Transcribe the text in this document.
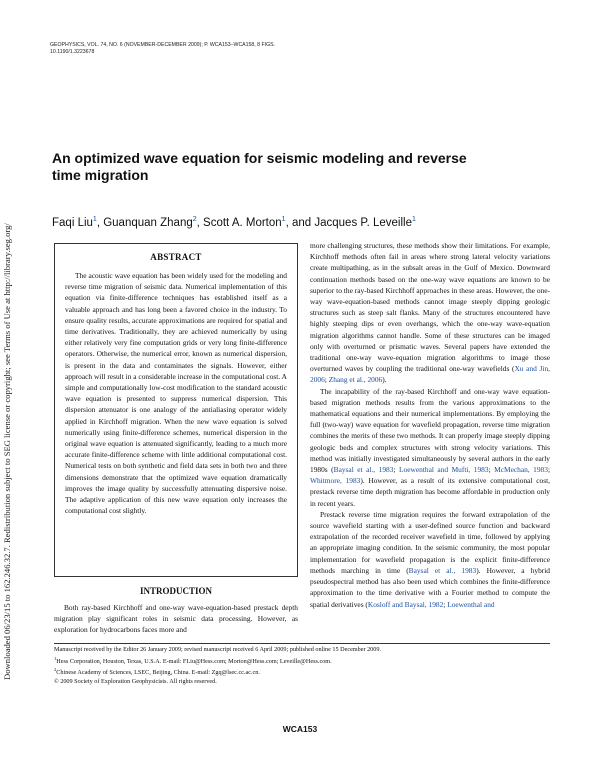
Downloaded 06/23/15 to 162.246.32.7. Redistribution subject to SEG license or copyright; see Terms of Use at http://library.seg.org/
GEOPHYSICS, VOL. 74, NO. 6 (NOVEMBER-DECEMBER 2009); P. WCA153–WCA158, 8 FIGS.
10.1190/1.3223678
An optimized wave equation for seismic modeling and reverse time migration
Faqi Liu$^1$, Guanquan Zhang$^2$, Scott A. Morton$^1$, and Jacques P. Leveille$^1$
ABSTRACT
The acoustic wave equation has been widely used for the modeling and reverse time migration of seismic data. Numerical implementation of this equation via finite-difference techniques has established itself as a valuable approach and has long been a favored choice in the industry. To ensure quality results, accurate approximations are required for spatial and time derivatives. Traditionally, they are achieved numerically by using either relatively very fine computation grids or very long finite-difference operators. Otherwise, the numerical error, known as numerical dispersion, is present in the data and contaminates the signals. However, either approach will result in a considerable increase in the computational cost. A simple and computationally low-cost modification to the standard acoustic wave equation is presented to suppress numerical dispersion. This dispersion attenuator is one analogy of the antialiasing operator widely applied in Kirchhoff migration. When the new wave equation is solved numerically using finite-difference schemes, numerical dispersion in the original wave equation is attenuated significantly, leading to a much more accurate finite-difference scheme with little additional computational cost. Numerical tests on both synthetic and field data sets in both two and three dimensions demonstrate that the optimized wave equation dramatically improves the image quality by successfully attenuating dispersive noise. The adaptive application of this new wave equation only increases the computational cost slightly.
INTRODUCTION
Both ray-based Kirchhoff and one-way wave-equation-based prestack depth migration play significant roles in seismic data processing. However, as exploration for hydrocarbons faces more and

more challenging structures, these methods show their limitations. For example, Kirchhoff methods often fail in areas where strong lateral velocity variations create multipathing, as in the subsalt areas in the Gulf of Mexico. Downward continuation methods based on the one-way wave equations are known to be superior to the ray-based Kirchhoff approaches in these areas. However, the one-way wave-equation-based methods cannot image steeply dipping geologic structures such as steep salt flanks. Many of the structures encountered have highly steeping dips or even overhangs, which the one-way wave-equation migration algorithms cannot handle. Some of these structures can be imaged only with overturned or prismatic waves. Several papers have extended the traditional one-way wave-equation migration algorithms to image those overturned waves by coupling the traditional one-way wavefields (Xu and Jin, 2006; Zhang et al., 2006).

The incapability of the ray-based Kirchhoff and one-way wave equation-based migration methods results from the various approximations to the mathematical equations and their numerical implementations. By employing the full (two-way) wave equation for wavefield propagation, reverse time migration combines the merits of these two methods. It can properly image steeply dipping geologic beds and complex structures with strong velocity variations. This method was initially investigated simultaneously by several authors in the early 1980s (Baysal et al., 1983; Loewenthal and Mufti, 1983; McMechan, 1983; Whitmore, 1983). However, as a result of its extensive computational cost, prestack reverse time depth migration has become affordable in production only in recent years.

Prestack reverse time migration requires the forward extrapolation of the source wavefield starting with a user-defined source function and backward extrapolation of the recorded receiver wavefield in time, followed by applying an appropriate imaging condition. In the seismic community, the most popular implementation for wavefield propagation is the explicit finite-difference methods marching in time (Baysal et al., 1983). However, a hybrid pseudospectral method has also been used which combines the finite-difference approximation to the time derivative with a Fourier method to compute the spatial derivatives (Kosloff and Baysal, 1982; Loewenthal and

Manuscript received by the Editor 26 January 2009; revised manuscript received 6 April 2009; published online 15 December 2009.
$^1$Hess Corporation, Houston, Texas, U.S.A. E-mail: FLiu@Hess.com; Morton@Hess.com; Leveille@Hess.com.
$^2$Chinese Academy of Sciences, LSEC, Beijing, China. E-mail: Zgq@lsec.cc.ac.cn.
© 2009 Society of Exploration Geophysicists. All rights reserved.
WCA153
